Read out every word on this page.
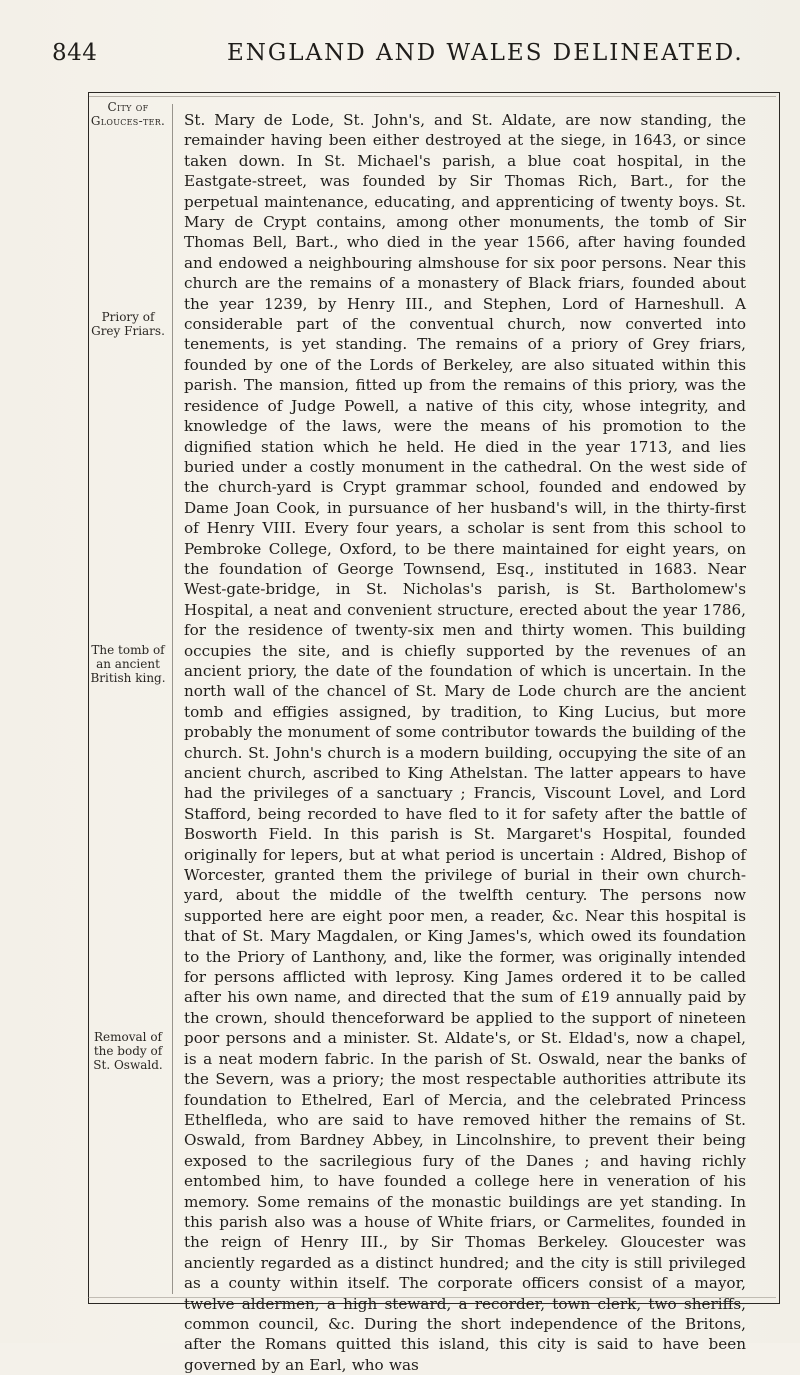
844	ENGLAND AND WALES DELINEATED.
City of Glouces-ter.
Priory of Grey Friars.
The tomb of an ancient British king.
Removal of the body of St. Oswald.

St. Mary de Lode, St. John's, and St. Aldate, are now standing, the remainder having been either destroyed at the siege, in 1643, or since taken down. In St. Michael's parish, a blue coat hospital, in the Eastgate-street, was founded by Sir Thomas Rich, Bart., for the perpetual maintenance, educating, and apprenticing of twenty boys. St. Mary de Crypt contains, among other monuments, the tomb of Sir Thomas Bell, Bart., who died in the year 1566, after having founded and endowed a neighbouring almshouse for six poor persons. Near this church are the remains of a monastery of Black friars, founded about the year 1239, by Henry III., and Stephen, Lord of Harneshull. A considerable part of the conventual church, now converted into tenements, is yet standing. The remains of a priory of Grey friars, founded by one of the Lords of Berkeley, are also situated within this parish. The mansion, fitted up from the remains of this priory, was the residence of Judge Powell, a native of this city, whose integrity, and knowledge of the laws, were the means of his promotion to the dignified station which he held. He died in the year 1713, and lies buried under a costly monument in the cathedral. On the west side of the church-yard is Crypt grammar school, founded and endowed by Dame Joan Cook, in pursuance of her husband's will, in the thirty-first of Henry VIII. Every four years, a scholar is sent from this school to Pembroke College, Oxford, to be there maintained for eight years, on the foundation of George Townsend, Esq., instituted in 1683. Near West-gate-bridge, in St. Nicholas's parish, is St. Bartholomew's Hospital, a neat and convenient structure, erected about the year 1786, for the residence of twenty-six men and thirty women. This building occupies the site, and is chiefly supported by the revenues of an ancient priory, the date of the foundation of which is uncertain. In the north wall of the chancel of St. Mary de Lode church are the ancient tomb and effigies assigned, by tradition, to King Lucius, but more probably the monument of some contributor towards the building of the church. St. John's church is a modern building, occupying the site of an ancient church, ascribed to King Athelstan. The latter appears to have had the privileges of a sanctuary ; Francis, Viscount Lovel, and Lord Stafford, being recorded to have fled to it for safety after the battle of Bosworth Field. In this parish is St. Margaret's Hospital, founded originally for lepers, but at what period is uncertain : Aldred, Bishop of Worcester, granted them the privilege of burial in their own church-yard, about the middle of the twelfth century. The persons now supported here are eight poor men, a reader, &c. Near this hospital is that of St. Mary Magdalen, or King James's, which owed its foundation to the Priory of Lanthony, and, like the former, was originally intended for persons afflicted with leprosy. King James ordered it to be called after his own name, and directed that the sum of £19 annually paid by the crown, should thenceforward be applied to the support of nineteen poor persons and a minister. St. Aldate's, or St. Eldad's, now a chapel, is a neat modern fabric. In the parish of St. Oswald, near the banks of the Severn, was a priory; the most respectable authorities attribute its foundation to Ethelred, Earl of Mercia, and the celebrated Princess Ethelfleda, who are said to have removed hither the remains of St. Oswald, from Bardney Abbey, in Lincolnshire, to prevent their being exposed to the sacrilegious fury of the Danes ; and having richly entombed him, to have founded a college here in veneration of his memory. Some remains of the monastic buildings are yet standing. In this parish also was a house of White friars, or Carmelites, founded in the reign of Henry III., by Sir Thomas Berkeley. Gloucester was anciently regarded as a distinct hundred; and the city is still privileged as a county within itself. The corporate officers consist of a mayor, twelve aldermen, a high steward, a recorder, town clerk, two sheriffs, common council, &c. During the short independence of the Britons, after the Romans quitted this island, this city is said to have been governed by an Earl, who was
